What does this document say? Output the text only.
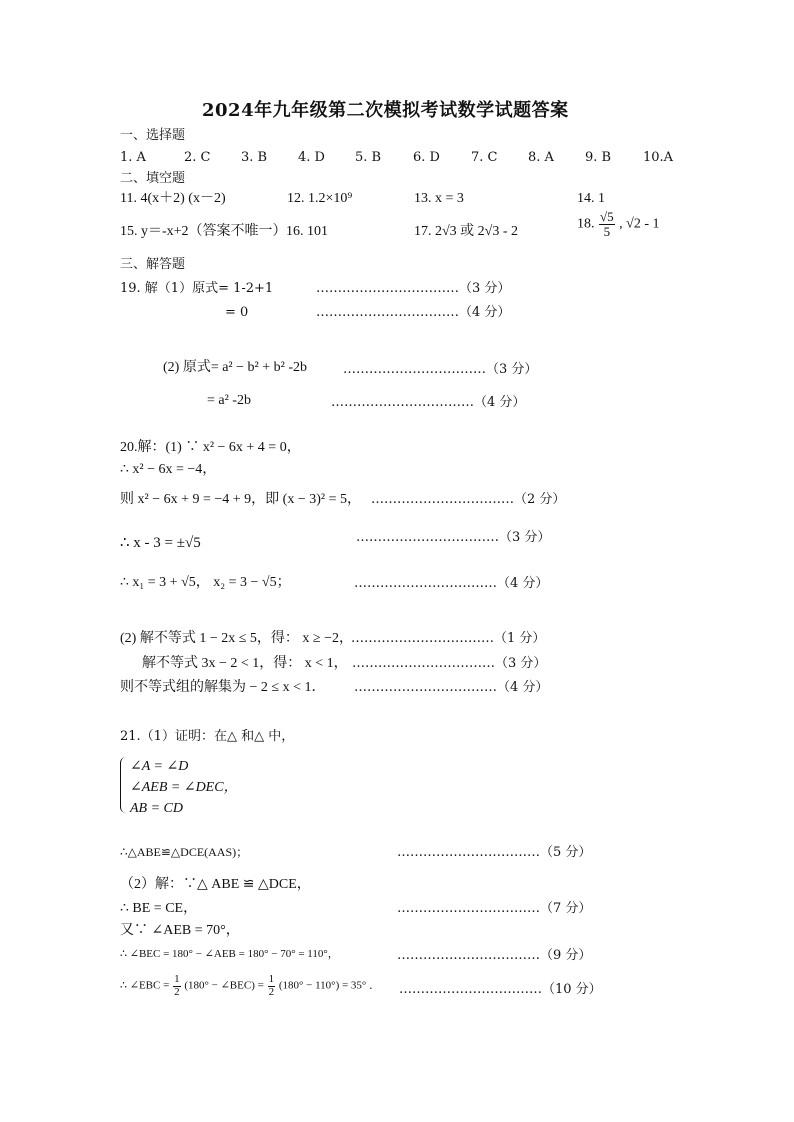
2024年九年级第二次模拟考试数学试题答案
一、选择题
1. A	2. C 3. B 4. D 5. B 6. D 7. C 8. A 9. B 10.A
二、填空题
11. 4(x＋2) (x－2)	12. 1.2×10⁹	13. x = 3	14. 1
15. y＝-x+2（答案不唯一） 16. 101	17. 2√3 或 2√3 - 2
18. $\frac{√5}{5}$ , √2 - 1
三、解答题
19. 解（1）原式= 1-2+1	……………………………（3 分）
= 0	……………………………（4 分）
(2) 原式= a² − b² + b² -2b	……………………………（3 分）
= a² -2b	……………………………（4 分）
20.解：(1) ∵ x² − 6x + 4 = 0，
∴ x² − 6x = −4，
则 x² − 6x + 9 = −4 + 9，即 (x − 3)² = 5， ……………………………（2 分）
∴ x - 3 = ±√5	……………………………（3 分）
∴ x₁ = 3 + √5， x₂ = 3 − √5；	……………………………（4 分）
(2) 解不等式 1 − 2x ≤ 5，得： x ≥ −2，
……………………………（1 分）
解不等式 3x − 2 < 1，得： x < 1， ……………………………（3 分）
则不等式组的解集为 − 2 ≤ x < 1． ……………………………（4 分）
21.（1）证明：在△ 和△ 中，
∠A = ∠D
∠AEB = ∠DEC，
AB = CD
∴△ABE≌△DCE(AAS)；	……………………………（5 分）
（2）解：∵△ ABE ≌ △DCE，
∴ BE = CE，	……………………………（7 分）
又∵ ∠AEB = 70°，
∴ ∠BEC = 180° − ∠AEB = 180° − 70° = 110°，	……………………………（9 分）
∴ ∠EBC = $\frac{1}{2} (180^\circ$ − ∠BEC) = $\frac{1}{2} (180^\circ - 110^\circ) = 35^\circ$ ． ……………………………（10 分）
